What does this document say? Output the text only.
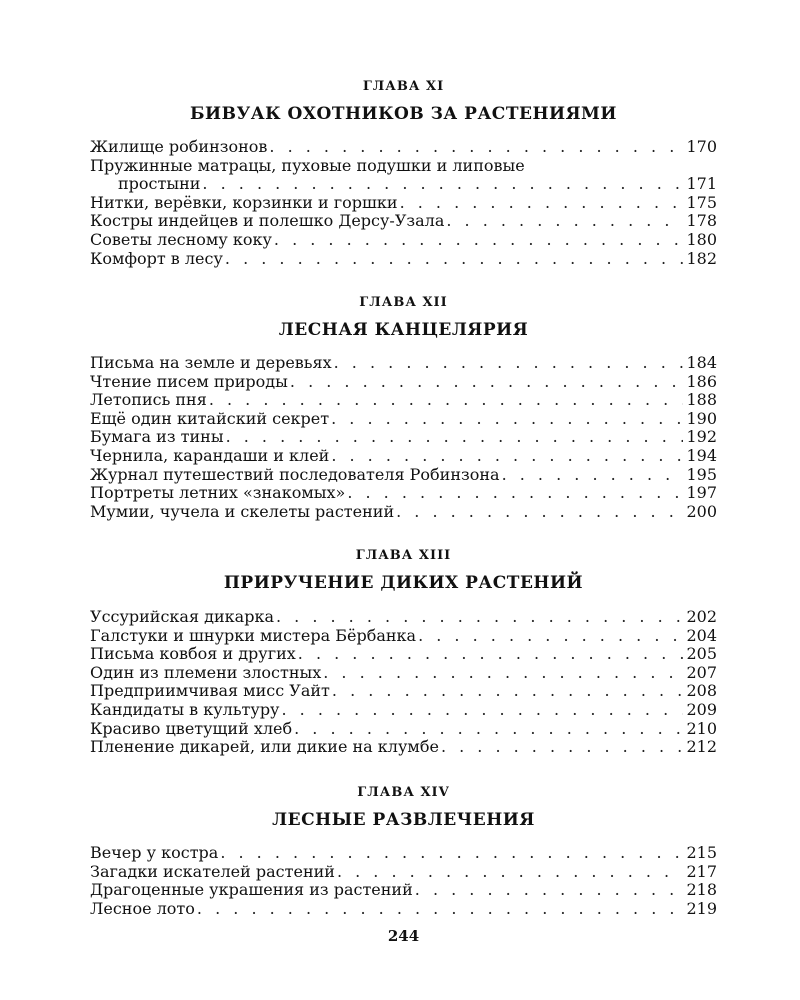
ГЛАВА XI
БИВУАК ОХОТНИКОВ ЗА РАСТЕНИЯМИ
Жилище робинзонов . . .	170
Пружинные матрацы, пуховые подушки и липовые
простыни . . .	171
Нитки, верёвки, корзинки и горшки . . .	175
Костры индейцев и полешко Дерсу-Узала . . .	178
Советы лесному коку . . .	180
Комфорт в лесу . . .	182
ГЛАВА XII
ЛЕСНАЯ КАНЦЕЛЯРИЯ
Письма на земле и деревьях . . .	184
Чтение писем природы . . .	186
Летопись пня . . .	188
Ещё один китайский секрет . . .	190
Бумага из тины . . .	192
Чернила, карандаши и клей . . .	194
Журнал путешествий последователя Робинзона . . .	195
Портреты летних «знакомых» . . .	197
Мумии, чучела и скелеты растений . . .	200
ГЛАВА XIII
ПРИРУЧЕНИЕ ДИКИХ РАСТЕНИЙ
Уссурийская дикарка . . .	202
Галстуки и шнурки мистера Бёрбанка . . .	204
Письма ковбоя и других . . .	205
Один из племени злостных . . .	207
Предприимчивая мисс Уайт . . .	208
Кандидаты в культуру . . .	209
Красиво цветущий хлеб . . .	210
Пленение дикарей, или дикие на клумбе . . .	212
ГЛАВА XIV
ЛЕСНЫЕ РАЗВЛЕЧЕНИЯ
Вечер у костра . . .	215
Загадки искателей растений . . .	217
Драгоценные украшения из растений . . .	218
Лесное лото . . .	219
244
